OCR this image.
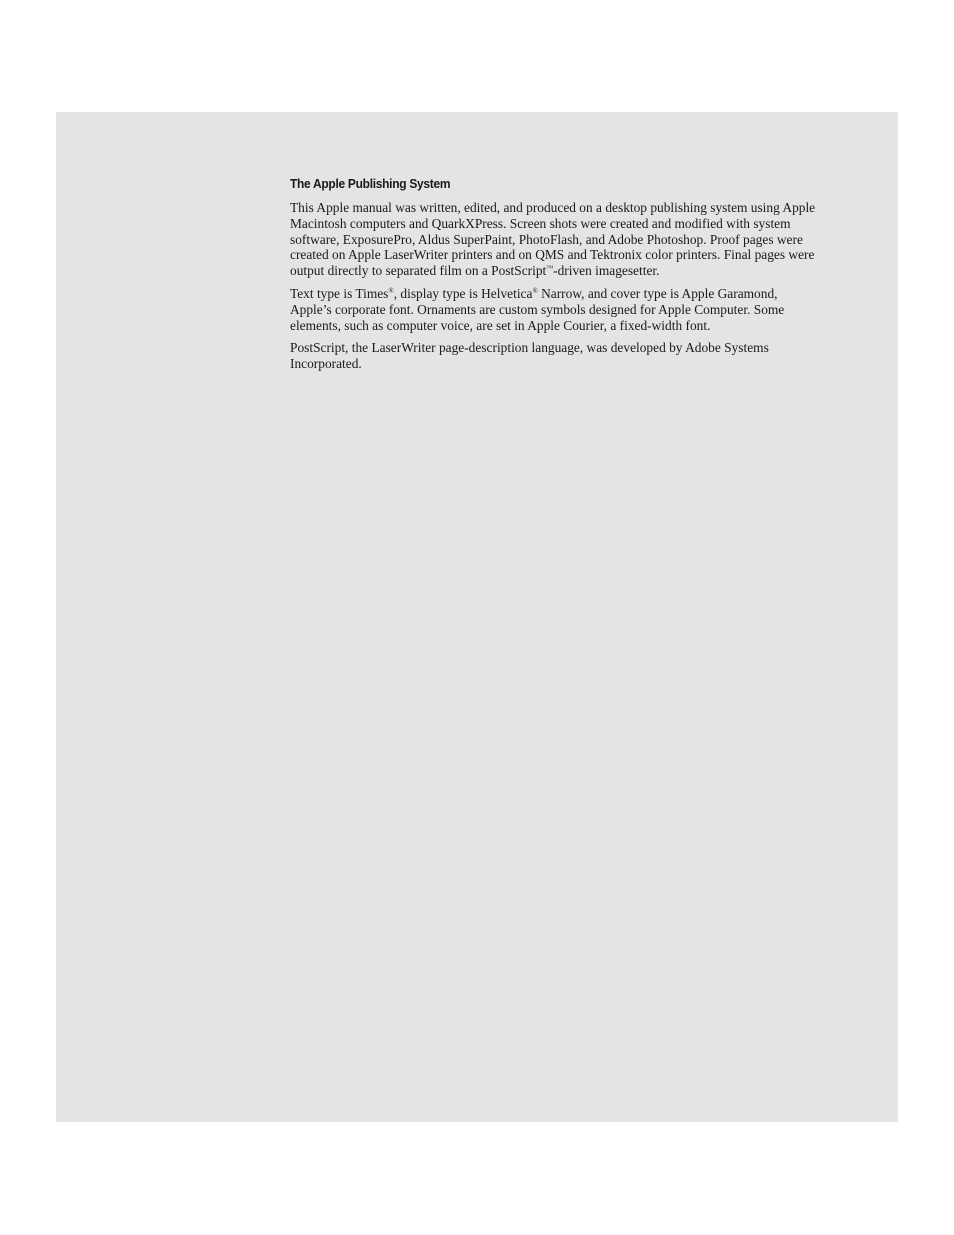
The Apple Publishing System

This Apple manual was written, edited, and produced on a desktop publishing system using Apple Macintosh computers and QuarkXPress. Screen shots were created and modified with system software, ExposurePro, Aldus SuperPaint, PhotoFlash, and Adobe Photoshop. Proof pages were created on Apple LaserWriter printers and on QMS and Tektronix color printers. Final pages were output directly to separated film on a PostScript™-driven imagesetter.

Text type is Times®, display type is Helvetica® Narrow, and cover type is Apple Garamond, Apple’s corporate font. Ornaments are custom symbols designed for Apple Computer. Some elements, such as computer voice, are set in Apple Courier, a fixed-width font.

PostScript, the LaserWriter page-description language, was developed by Adobe Systems Incorporated.
